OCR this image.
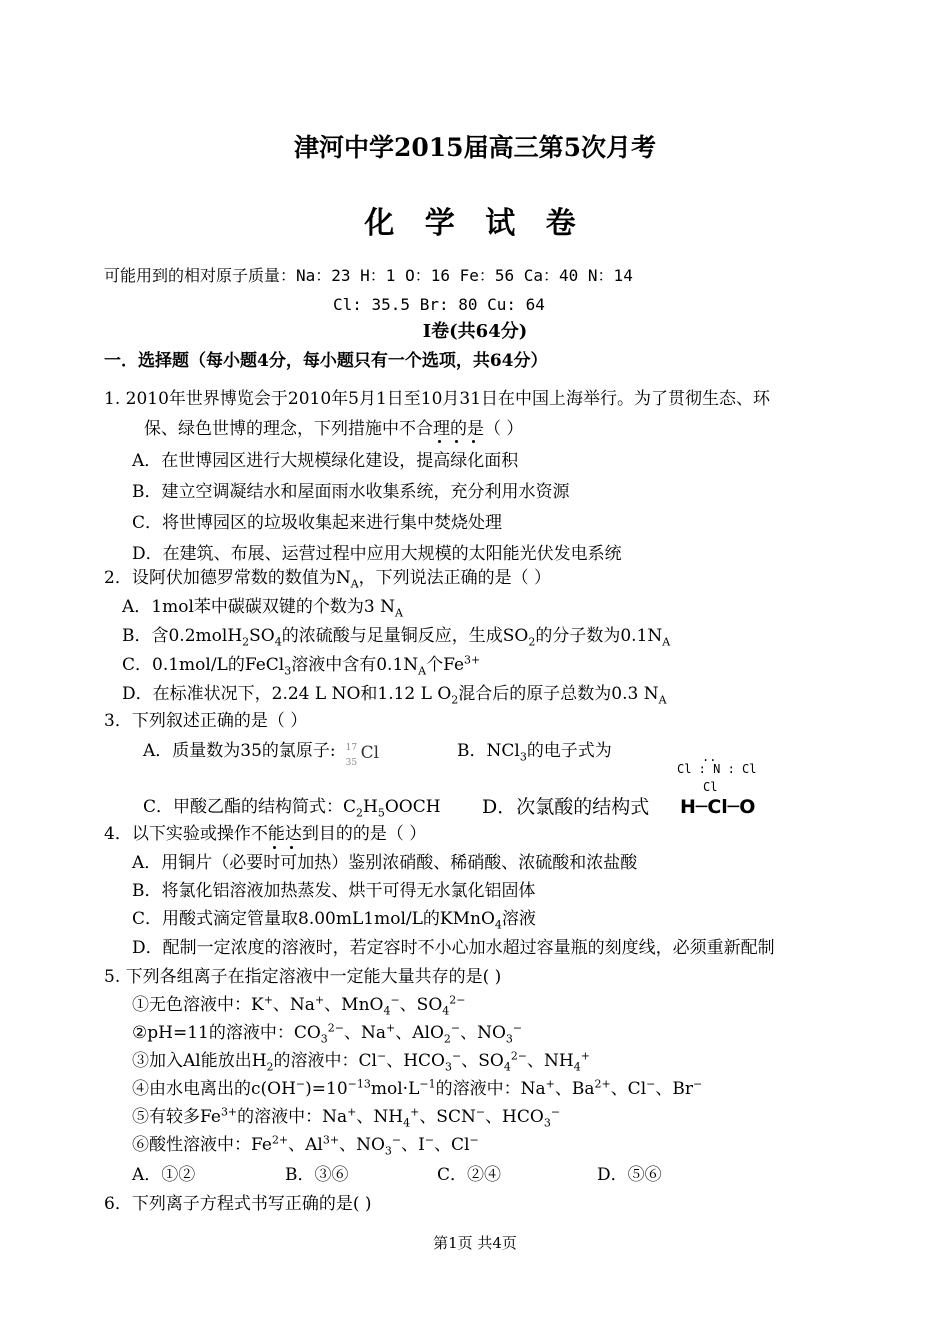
津河中学2015届高三第5次月考
化 学 试 卷
可能用到的相对原子质量：Na：23 H：1 O：16 Fe：56 Ca：40 N：14
Cl: 35.5 Br: 80 Cu: 64
Ⅰ卷(共64分)
一．选择题（每小题4分，每小题只有一个选项，共64分）
1. 2010年世界博览会于2010年5月1日至10月31日在中国上海举行。为了贯彻生态、环
保、绿色世博的理念，下列措施中不合理的是（ ）
A．在世博园区进行大规模绿化建设，提高绿化面积
B．建立空调凝结水和屋面雨水收集系统，充分利用水资源
C．将世博园区的垃圾收集起来进行集中焚烧处理
D．在建筑、布展、运营过程中应用大规模的太阳能光伏发电系统
2．设阿伏加德罗常数的数值为$N_A$，下列说法正确的是（ ）
A．1mol苯中碳碳双键的个数为3 $N_A$
B．含$0.2molH_2SO_4$的浓硫酸与足量铜反应，生成$SO_2$的分子数为$0.1N_A$
C．0.1mol/L的FeCl$_3$溶液中含有$0.1N_A$个$Fe^{3+}$
D．在标准状况下，2.24 L NO和1.12 L $O_2$混合后的原子总数为0.3 $N_A$
3．下列叙述正确的是（ ）
A．质量数为35的氯原子: 17
35 Cl	B．NCl$_3$的电子式为	..
Cl : N : Cl
Cl
C．甲酸乙酯的结构简式：$C_2H_5OOCH$ D．次氯酸的结构式 H─Cl─O
4．以下实验或操作不能达到目的的是（ ）
A．用铜片（必要时可加热）鉴别浓硝酸、稀硝酸、浓硫酸和浓盐酸
B．将氯化铝溶液加热蒸发、烘干可得无水氯化铝固体
C．用酸式滴定管量取8.00mL1mol/L的KMnO$_4$溶液
D．配制一定浓度的溶液时，若定容时不小心加水超过容量瓶的刻度线，必须重新配制
5. 下列各组离子在指定溶液中一定能大量共存的是( )
①无色溶液中：K+、Na+、MnO$_4$−、$SO_4^{2-}$
②pH=11的溶液中：$CO_3^{2-}$、Na+、AlO$_2$−、$NO_3^-$
③加入Al能放出$H_2$的溶液中：Cl−、$HCO_3^-$、$SO_4^{2-}$、$NH_4^+$
④由水电离出的$c(OH^-)=10^{-13}mol\cdot L^{-1}$的溶液中：Na+、$Ba^{2+}$、Cl−、Br−
⑤有较多$Fe^{3+}$的溶液中：Na+、$NH_4^+$、SCN−、$HCO_3^-$
⑥酸性溶液中：$Fe^{2+}$、$Al^{3+}$、$NO_3^-$、I−、Cl−
A．①②	B．③⑥	C．②④	D．⑤⑥
6．下列离子方程式书写正确的是( )
第1页 共4页
